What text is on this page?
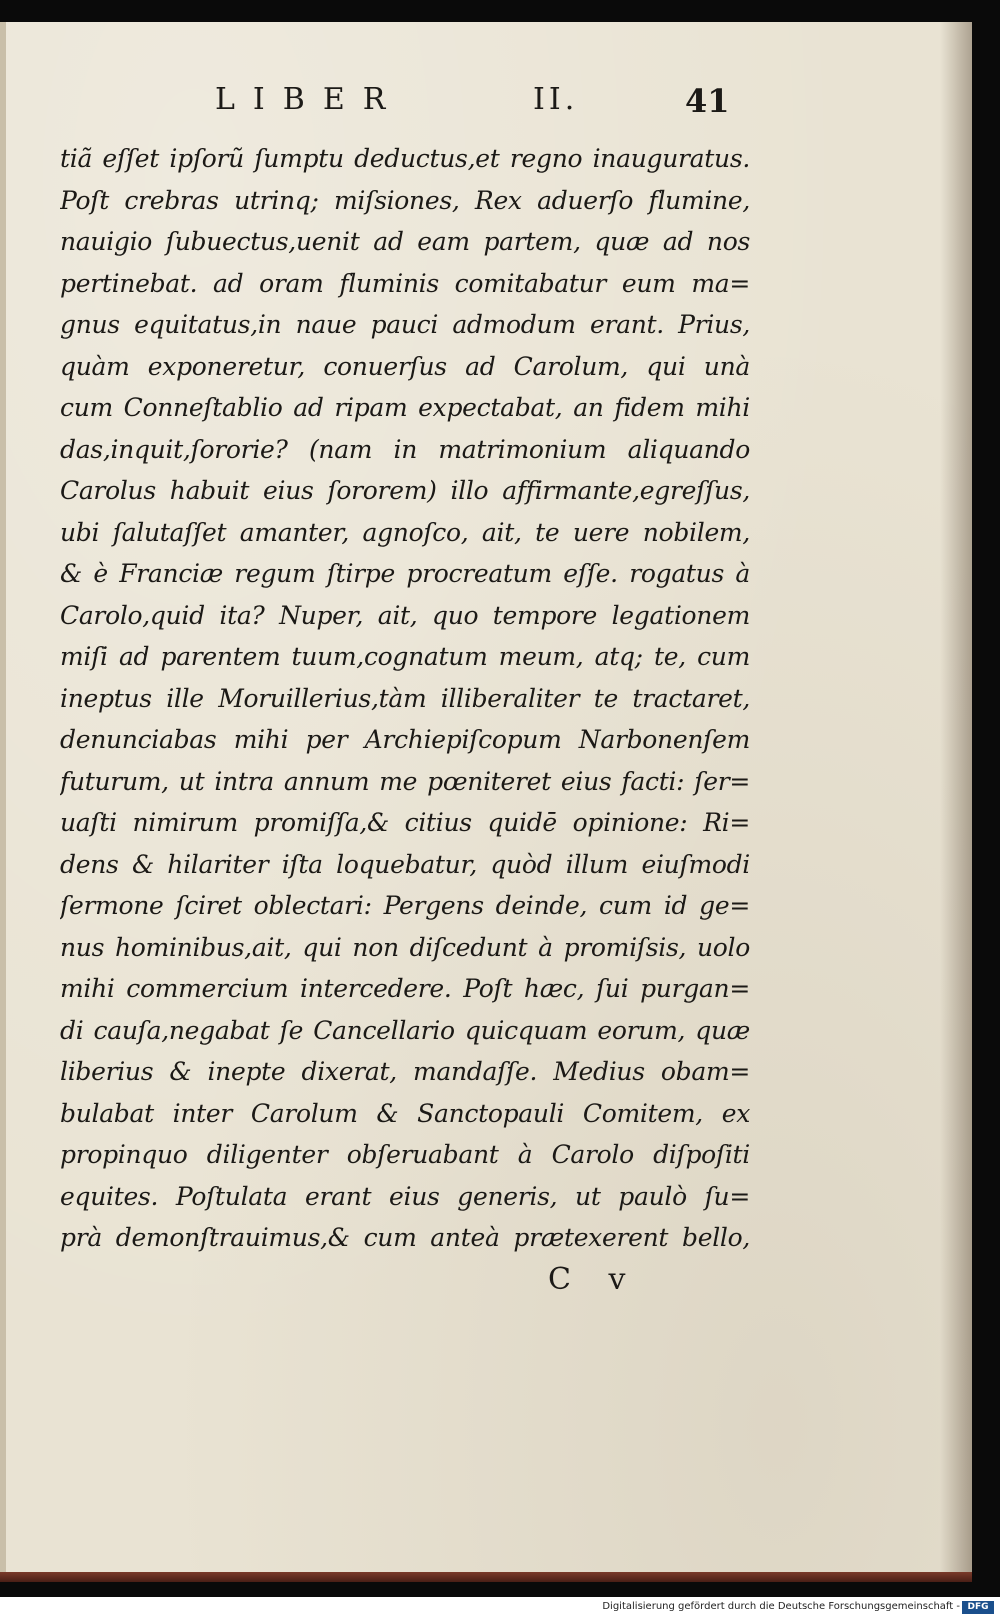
LIBER	II.	41
tiã eſſet ipſorũ ſumptu deductus,et regno inauguratus.
Poſt crebras utrinq; miſsiones, Rex aduerſo flumine,
nauigio ſubuectus,uenit ad eam partem, quæ ad nos
pertinebat. ad oram fluminis comitabatur eum ma=
gnus equitatus,in naue pauci admodum erant. Prius,
quàm exponeretur, conuerſus ad Carolum, qui unà
cum Conneſtablio ad ripam expectabat, an fidem mihi
das,inquit,ſororie? (nam in matrimonium aliquando
Carolus habuit eius ſororem) illo affirmante,egreſſus,
ubi ſalutaſſet amanter, agnoſco, ait, te uere nobilem,
& è Franciæ regum ſtirpe procreatum eſſe. rogatus à
Carolo,quid ita? Nuper, ait, quo tempore legationem
miſi ad parentem tuum,cognatum meum, atq; te, cum
ineptus ille Moruillerius,tàm illiberaliter te tractaret,
denunciabas mihi per Archiepiſcopum Narbonenſem
futurum, ut intra annum me pœniteret eius facti: ſer=
uaſti nimirum promiſſa,& citius quidē opinione: Ri=
dens & hilariter iſta loquebatur, quòd illum eiuſmodi
ſermone ſciret oblectari: Pergens deinde, cum id ge=
nus hominibus,ait, qui non diſcedunt à promiſsis, uolo
mihi commercium intercedere. Poſt hæc, ſui purgan=
di cauſa,negabat ſe Cancellario quicquam eorum, quæ
liberius & inepte dixerat, mandaſſe. Medius obam=
bulabat inter Carolum & Sanctopauli Comitem, ex
propinquo diligenter obſeruabant à Carolo diſpoſiti
equites. Poſtulata erant eius generis, ut paulò ſu=
prà demonſtrauimus,& cum anteà prætexerent bello,
C v
Digitalisierung gefördert durch die Deutsche Forschungsgemeinschaft - DFG
